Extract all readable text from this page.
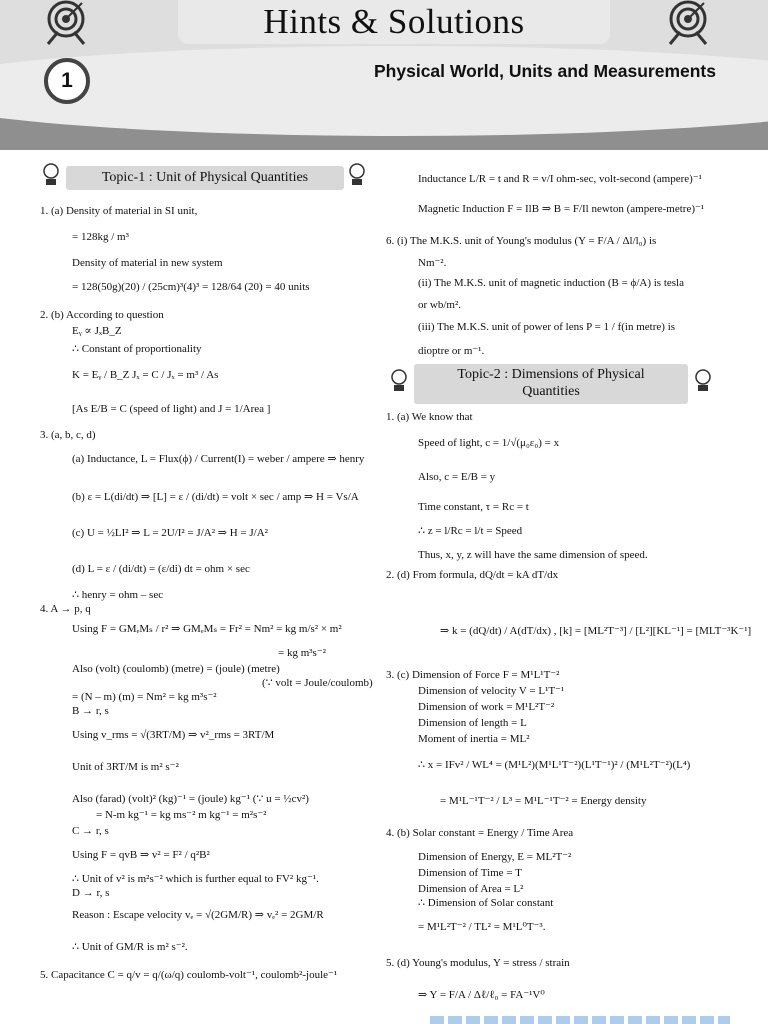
Hints & Solutions
1	Physical World, Units and Measurements
Topic-1 : Unit of Physical Quantities
Topic-2 : Dimensions of Physical
Quantities
1. (a) Density of material in SI unit,
= 128kg / m³
Density of material in new system
= 128(50g)(20) / (25cm)³(4)³ = 128/64 (20) = 40 units
2. (b) According to question
Eᵧ ∝ JₓB_Z
∴ Constant of proportionality
K = Eᵧ / B_Z Jₓ = C / Jₓ = m³ / As
[As E/B = C (speed of light) and J = 1/Area ]
3. (a, b, c, d)
(a) Inductance, L = Flux(ϕ) / Current(I) = weber / ampere ⇒ henry
(b) ε = L(di/dt) ⇒ [L] = ε / (di/dt) = volt × sec / amp ⇒ H = Vs/A
(c) U = ½LI² ⇒ L = 2U/I² = J/A² ⇒ H = J/A²
(d) L = ε / (di/dt) = (ε/di) dt = ohm × sec
∴ henry = ohm – sec
4. A → p, q
Using F = GMₑMₛ / r² ⇒ GMₑMₛ = Fr² = Nm² = kg m/s² × m²
= kg m³s⁻²
Also (volt) (coulomb) (metre) = (joule) (metre)
(∵ volt = Joule/coulomb)
= (N – m) (m) = Nm² = kg m³s⁻²
B → r, s
Using v_rms = √(3RT/M) ⇒ v²_rms = 3RT/M
Unit of 3RT/M is m² s⁻²
Also (farad) (volt)² (kg)⁻¹ = (joule) kg⁻¹ (∵ u = ½cv²)
= N-m kg⁻¹ = kg ms⁻² m kg⁻¹ = m²s⁻²
C → r, s
Using F = qvB ⇒ v² = F² / q²B²
∴ Unit of v² is m²s⁻² which is further equal to FV² kg⁻¹.
D → r, s
Reason : Escape velocity vₑ = √(2GM/R) ⇒ vₑ² = 2GM/R
∴ Unit of GM/R is m² s⁻².
5. Capacitance C = q/v = q/(ω/q) coulomb-volt⁻¹, coulomb²-joule⁻¹
Inductance L/R = t and R = v/I ohm-sec, volt-second (ampere)⁻¹
Magnetic Induction F = IlB ⇒ B = F/Il newton (ampere-metre)⁻¹
6. (i) The M.K.S. unit of Young's modulus (Y = F/A / Δl/l₀) is
Nm⁻².
(ii) The M.K.S. unit of magnetic induction (B = ϕ/A) is tesla
or wb/m².
(iii) The M.K.S. unit of power of lens P = 1 / f(in metre) is
dioptre or m⁻¹.
1. (a) We know that
Speed of light, c = 1/√(μ₀ε₀) = x
Also, c = E/B = y
Time constant, τ = Rc = t
∴ z = l/Rc = l/t = Speed
Thus, x, y, z will have the same dimension of speed.
2. (d) From formula, dQ/dt = kA dT/dx
⇒ k = (dQ/dt) / A(dT/dx) , [k] = [ML²T⁻³] / [L²][KL⁻¹] = [MLT⁻³K⁻¹]
3. (c) Dimension of Force F = M¹L¹T⁻²
Dimension of velocity V = L¹T⁻¹
Dimension of work = M¹L²T⁻²
Dimension of length = L
Moment of inertia = ML²
∴ x = IFv² / WL⁴ = (M¹L²)(M¹L¹T⁻²)(L¹T⁻¹)² / (M¹L²T⁻²)(L⁴)
= M¹L⁻¹T⁻² / L³ = M¹L⁻¹T⁻² = Energy density
4. (b) Solar constant = Energy / Time Area
Dimension of Energy, E = ML²T⁻²
Dimension of Time = T
Dimension of Area = L²
∴ Dimension of Solar constant
= M¹L²T⁻² / TL² = M¹L⁰T⁻³.
5. (d) Young's modulus, Y = stress / strain
⇒ Y = F/A / Δℓ/ℓ₀ = FA⁻¹V⁰
